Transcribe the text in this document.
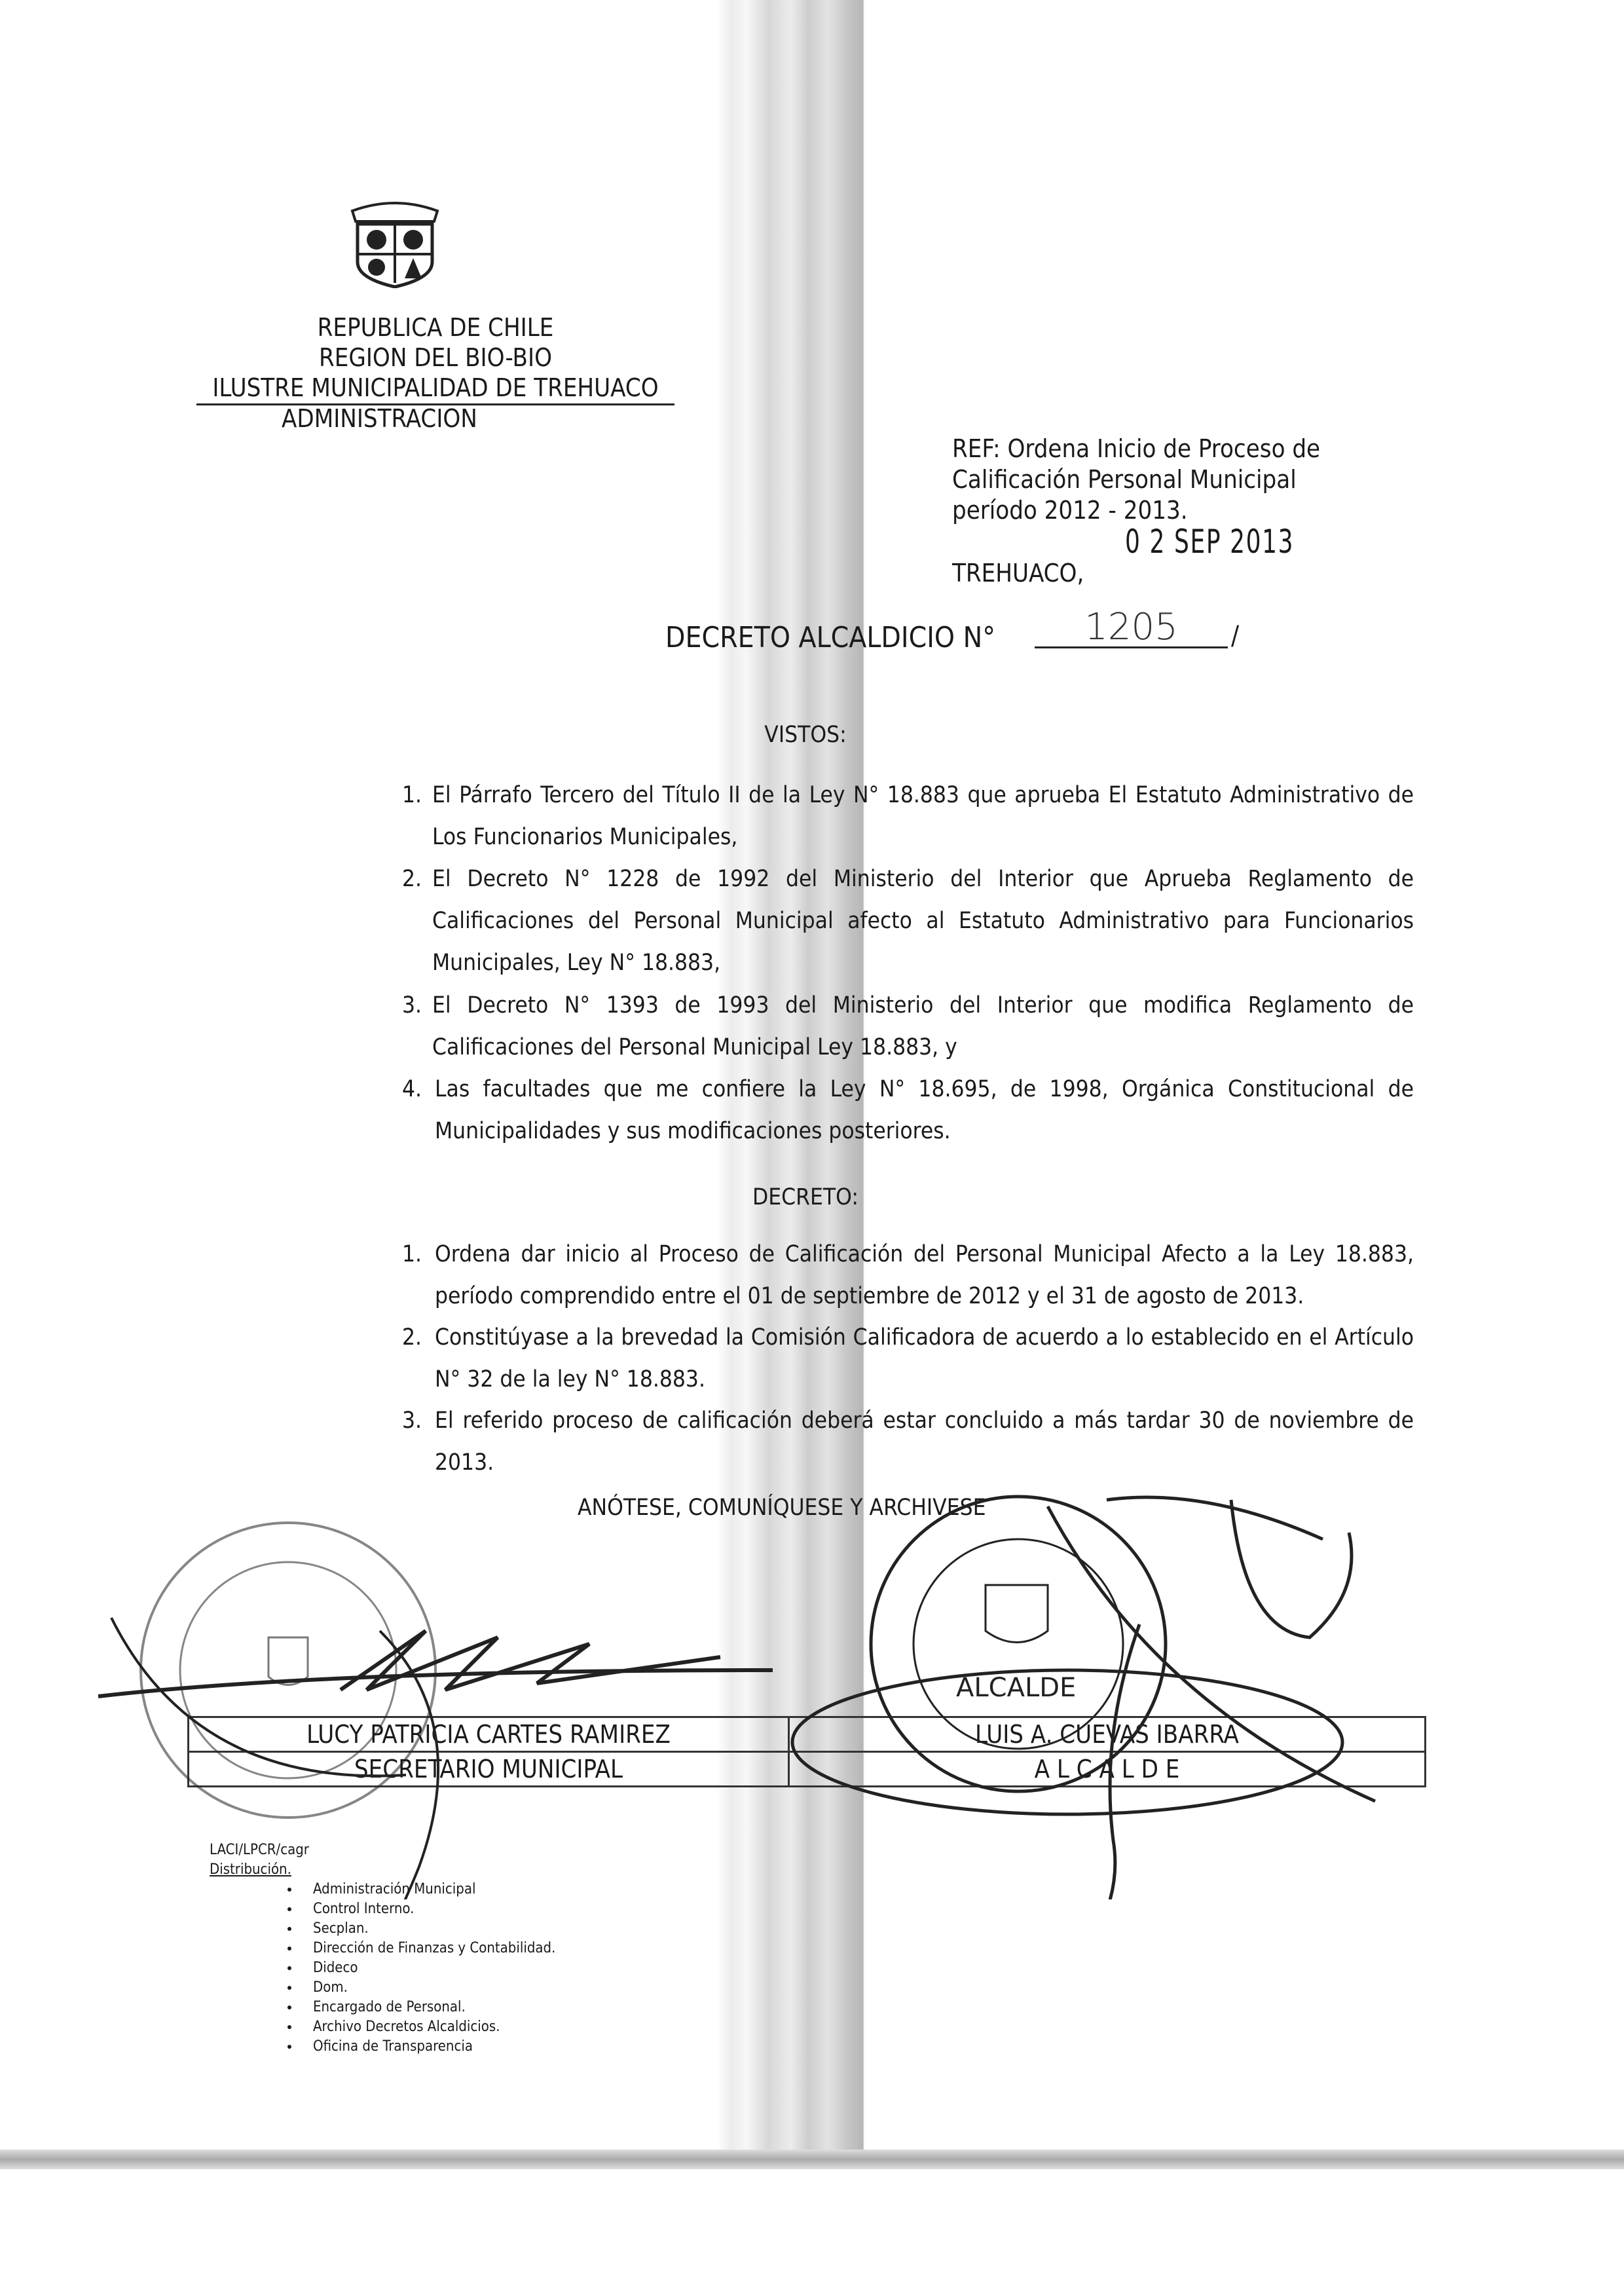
REPUBLICA DE CHILE
REGION DEL BIO-BIO
ILUSTRE MUNICIPALIDAD DE TREHUACO
ADMINISTRACION
REF: Ordena Inicio de Proceso de
Calificación Personal Municipal
período 2012 - 2013.
0 2 SEP 2013
TREHUACO,
DECRETO ALCALDICIO N°	1205	/
VISTOS:
1. El Párrafo Tercero del Título II de la Ley N° 18.883 que aprueba El Estatuto Administrativo de Los Funcionarios Municipales,
2. El Decreto N° 1228 de 1992 del Ministerio del Interior que Aprueba Reglamento de Calificaciones del Personal Municipal afecto al Estatuto Administrativo para Funcionarios Municipales, Ley N° 18.883,
3. El Decreto N° 1393 de 1993 del Ministerio del Interior que modifica Reglamento de Calificaciones del Personal Municipal Ley 18.883, y
4. Las facultades que me confiere la Ley N° 18.695, de 1998, Orgánica Constitucional de Municipalidades y sus modificaciones posteriores.
DECRETO:
1. Ordena dar inicio al Proceso de Calificación del Personal Municipal Afecto a la Ley 18.883, período comprendido entre el 01 de septiembre de 2012 y el 31 de agosto de 2013.
2. Constitúyase a la brevedad la Comisión Calificadora de acuerdo a lo establecido en el Artículo N° 32 de la ley N° 18.883.
3. El referido proceso de calificación deberá estar concluido a más tardar 30 de noviembre de 2013.
ANÓTESE, COMUNÍQUESE Y ARCHIVESE
LUCY PATRICIA CARTES RAMIREZ	LUIS A. CUEVAS IBARRA
SECRETARIO MUNICIPAL	A L C A L D E
ALCALDE
LACI/LPCR/cagr
Distribución.
• Administración Municipal
• Control Interno.
• Secplan.
• Dirección de Finanzas y Contabilidad.
• Dideco
• Dom.
• Encargado de Personal.
• Archivo Decretos Alcaldicios.
• Oficina de Transparencia
